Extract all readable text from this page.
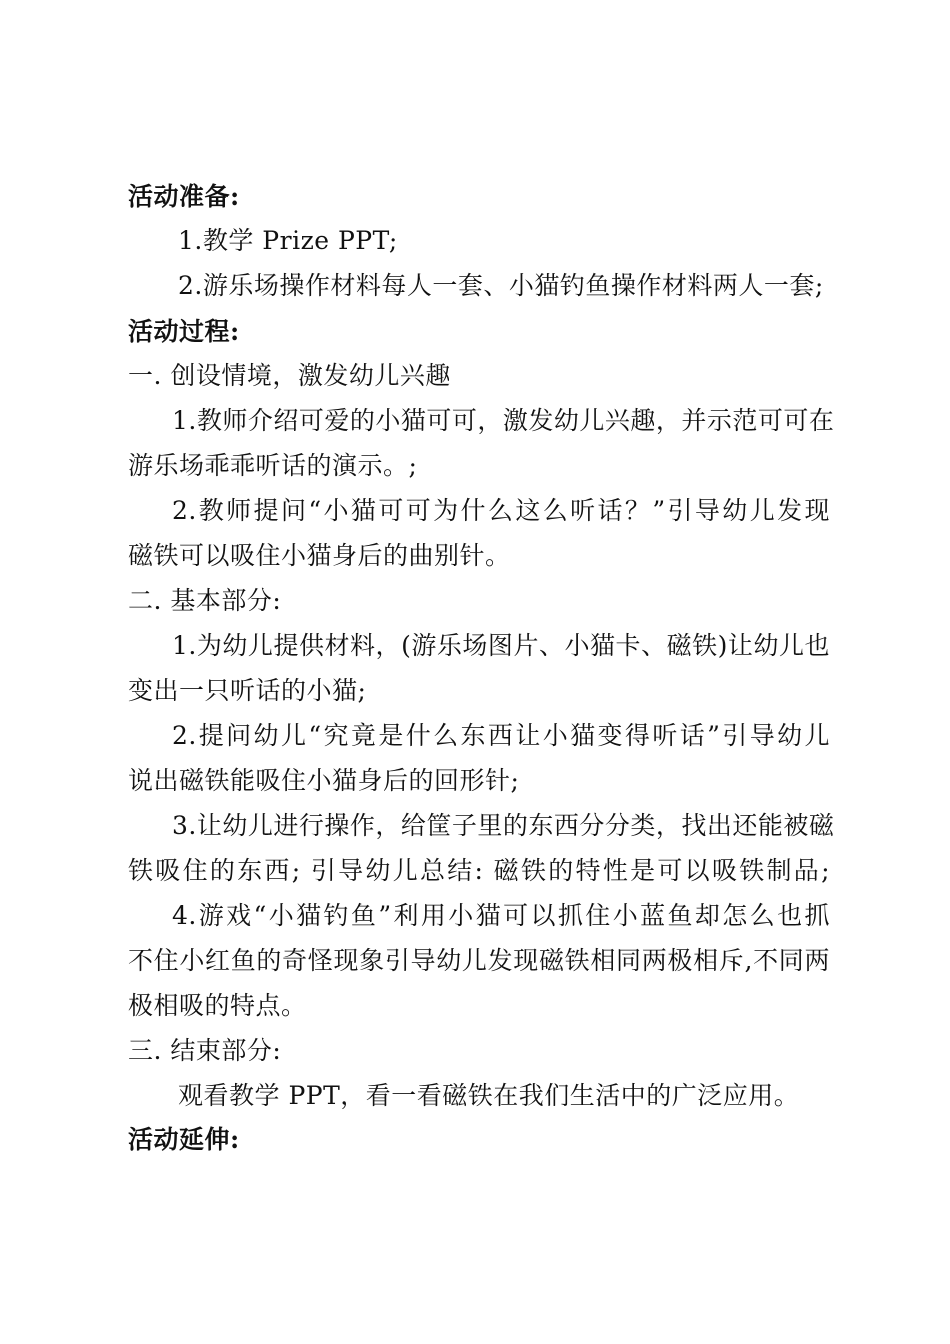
活动准备:
1.教学 Prize PPT;
2.游乐场操作材料每人一套、小猫钓鱼操作材料两人一套;
活动过程:
一. 创设情境，激发幼儿兴趣
1.教师介绍可爱的小猫可可，激发幼儿兴趣，并示范可可在
游乐场乖乖听话的演示。;
2.教师提问“小猫可可为什么这么听话？”引导幼儿发现
磁铁可以吸住小猫身后的曲别针。
二. 基本部分:
1.为幼儿提供材料，(游乐场图片、小猫卡、磁铁)让幼儿也
变出一只听话的小猫;
2.提问幼儿“究竟是什么东西让小猫变得听话”引导幼儿
说出磁铁能吸住小猫身后的回形针;
3.让幼儿进行操作，给筐子里的东西分分类，找出还能被磁
铁吸住的东西; 引导幼儿总结: 磁铁的特性是可以吸铁制品;
4.游戏“小猫钓鱼”利用小猫可以抓住小蓝鱼却怎么也抓
不住小红鱼的奇怪现象引导幼儿发现磁铁相同两极相斥,不同两
极相吸的特点。
三. 结束部分:
观看教学 PPT，看一看磁铁在我们生活中的广泛应用。
活动延伸:
